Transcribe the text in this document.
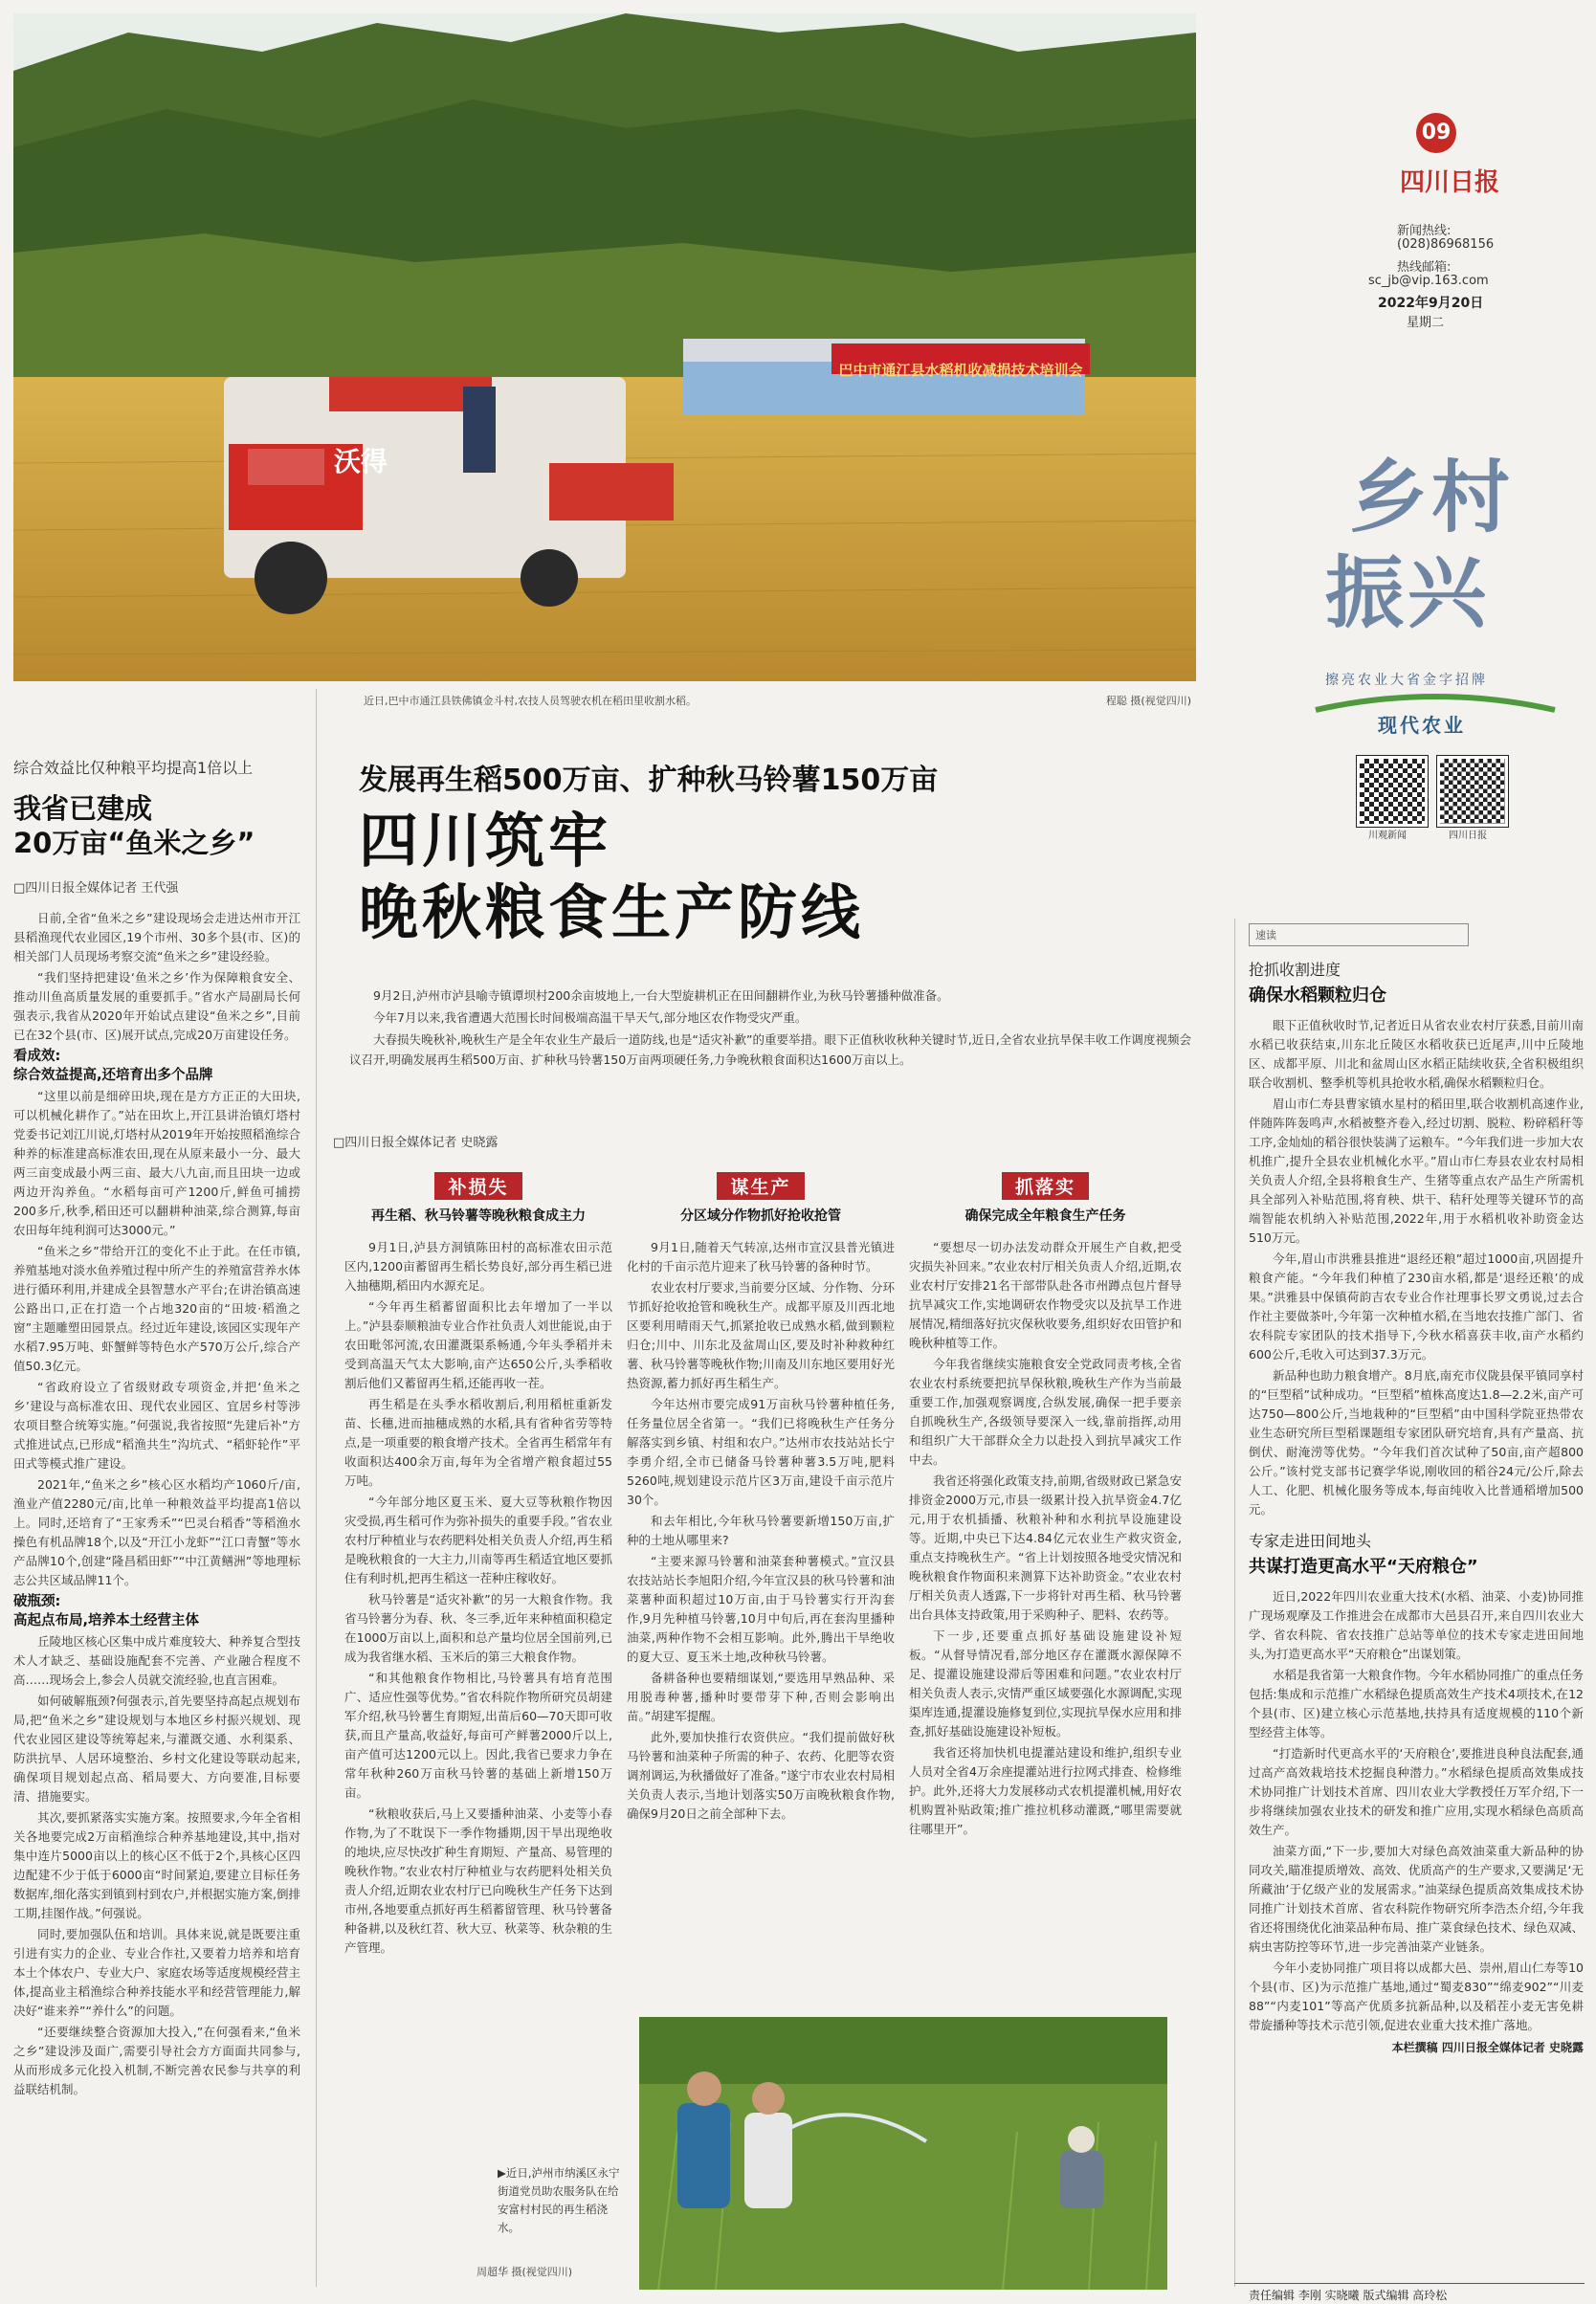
巴中市通江县水稻机收减损技术培训会
沃得
近日,巴中市通江县铁佛镇金斗村,农技人员驾驶农机在稻田里收割水稻。	程聪 摄(视觉四川)
09
四川日报
新闻热线:
(028)86968156
热线邮箱:
sc_jb@vip.163.com
2022年9月20日
星期二
乡村
振兴
擦亮农业大省金字招牌
现代农业
川观新闻	四川日报
综合效益比仅种粮平均提高1倍以上
我省已建成
20万亩“鱼米之乡”
□四川日报全媒体记者 王代强

日前,全省“鱼米之乡”建设现场会走进达州市开江县稻渔现代农业园区,19个市州、30多个县(市、区)的相关部门人员现场考察交流“鱼米之乡”建设经验。

“我们坚持把建设‘鱼米之乡’作为保障粮食安全、推动川鱼高质量发展的重要抓手。”省水产局副局长何强表示,我省从2020年开始试点建设“鱼米之乡”,目前已在32个县(市、区)展开试点,完成20万亩建设任务。

看成效:
综合效益提高,还培育出多个品牌

“这里以前是细碎田块,现在是方方正正的大田块,可以机械化耕作了。”站在田坎上,开江县讲治镇灯塔村党委书记刘江川说,灯塔村从2019年开始按照稻渔综合种养的标准建高标准农田,现在从原来最小一分、最大两三亩变成最小两三亩、最大八九亩,而且田块一边或两边开沟养鱼。“水稻每亩可产1200斤,鲜鱼可捕捞200多斤,秋季,稻田还可以翻耕种油菜,综合测算,每亩农田每年纯利润可达3000元。”

“鱼米之乡”带给开江的变化不止于此。在任市镇,养殖基地对淡水鱼养殖过程中所产生的养殖富营养水体进行循环利用,并建成全县智慧水产平台;在讲治镇高速公路出口,正在打造一个占地320亩的“田坡·稻渔之窗”主题雕塑田园景点。经过近年建设,该园区实现年产水稻7.95万吨、虾蟹鲜等特色水产570万公斤,综合产值50.3亿元。

“省政府设立了省级财政专项资金,并把‘鱼米之乡’建设与高标准农田、现代农业园区、宜居乡村等涉农项目整合统筹实施。”何强说,我省按照“先建后补”方式推进试点,已形成“稻渔共生”沟坑式、“稻虾轮作”平田式等模式推广建设。

2021年,“鱼米之乡”核心区水稻均产1060斤/亩,渔业产值2280元/亩,比单一种粮效益平均提高1倍以上。同时,还培育了“王家秀禾”“巴灵台稻香”等稻渔水操色有机品牌18个,以及“开江小龙虾”“江口青蟹”等水产品牌10个,创建“隆昌稻田虾”“中江黄鳝洲”等地理标志公共区域品牌11个。

破瓶颈:
高起点布局,培养本土经营主体

丘陵地区核心区集中成片难度较大、种养复合型技术人才缺乏、基础设施配套不完善、产业融合程度不高……现场会上,参会人员就交流经验,也直言困难。

如何破解瓶颈?何强表示,首先要坚持高起点规划布局,把“鱼米之乡”建设规划与本地区乡村振兴规划、现代农业园区建设等统筹起来,与灌溉交通、水利渠系、防洪抗旱、人居环境整治、乡村文化建设等联动起来,确保项目规划起点高、稻局要大、方向要准,目标要清、措施要实。

其次,要抓紧落实实施方案。按照要求,今年全省相关各地要完成2万亩稻渔综合种养基地建设,其中,指对集中连片5000亩以上的核心区不低于2个,具核心区四边配建不少于低于6000亩“时间紧迫,要建立目标任务数据库,细化落实到镇到村到农户,并根据实施方案,倒排工期,挂图作战。”何强说。

同时,要加强队伍和培训。具体来说,就是既要注重引进有实力的企业、专业合作社,又要着力培养和培育本土个体农户、专业大户、家庭农场等适度规模经营主体,提高业主稻渔综合种养技能水平和经营管理能力,解决好“谁来养”“养什么”的问题。

“还要继续整合资源加大投入,”在何强看来,“鱼米之乡”建设涉及面广,需要引导社会方方面面共同参与,从而形成多元化投入机制,不断完善农民参与共享的利益联结机制。

发展再生稻500万亩、扩种秋马铃薯150万亩
四川筑牢
晚秋粮食生产防线

9月2日,泸州市泸县喻寺镇谭坝村200余亩坡地上,一台大型旋耕机正在田间翻耕作业,为秋马铃薯播种做准备。

今年7月以来,我省遭遇大范围长时间极端高温干旱天气,部分地区农作物受灾严重。

大春损失晚秋补,晚秋生产是全年农业生产最后一道防线,也是“适灾补歉”的重要举措。眼下正值秋收秋种关键时节,近日,全省农业抗旱保丰收工作调度视频会议召开,明确发展再生稻500万亩、扩种秋马铃薯150万亩两项硬任务,力争晚秋粮食面积达1600万亩以上。

□四川日报全媒体记者 史晓露
补损失
再生稻、秋马铃薯等晚秋粮食成主力

9月1日,泸县方洞镇陈田村的高标准农田示范区内,1200亩蓄留再生稻长势良好,部分再生稻已进入抽穗期,稻田内水源充足。

“今年再生稻蓄留面积比去年增加了一半以上。”泸县泰顺粮油专业合作社负责人刘世能说,由于农田毗邻河流,农田灌溉渠系畅通,今年头季稻并未受到高温天气太大影响,亩产达650公斤,头季稻收割后他们又蓄留再生稻,还能再收一茬。

再生稻是在头季水稻收割后,利用稻桩重新发苗、长穗,进而抽穗成熟的水稻,具有省种省劳等特点,是一项重要的粮食增产技术。全省再生稻常年有收面积达400余万亩,每年为全省增产粮食超过55万吨。

“今年部分地区夏玉米、夏大豆等秋粮作物因灾受损,再生稻可作为弥补损失的重要手段。”省农业农村厅种植业与农药肥料处相关负责人介绍,再生稻是晚秋粮食的一大主力,川南等再生稻适宜地区要抓住有利时机,把再生稻这一茬种庄稼收好。

秋马铃薯是“适灾补歉”的另一大粮食作物。我省马铃薯分为春、秋、冬三季,近年来种植面积稳定在1000万亩以上,面积和总产量均位居全国前列,已成为我省继水稻、玉米后的第三大粮食作物。

“和其他粮食作物相比,马铃薯具有培育范围广、适应性强等优势。”省农科院作物所研究员胡建军介绍,秋马铃薯生育期短,出苗后60—70天即可收获,而且产量高,收益好,每亩可产鲜薯2000斤以上,亩产值可达1200元以上。因此,我省已要求力争在常年秋种260万亩秋马铃薯的基础上新增150万亩。

“秋粮收获后,马上又要播种油菜、小麦等小春作物,为了不耽误下一季作物播期,因干旱出现绝收的地块,应尽快改扩种生育期短、产量高、易管理的晚秋作物。”农业农村厅种植业与农药肥料处相关负责人介绍,近期农业农村厅已向晚秋生产任务下达到市州,各地要重点抓好再生稻蓄留管理、秋马铃薯备种备耕,以及秋红苕、秋大豆、秋菜等、秋杂粮的生产管理。

谋生产
分区域分作物抓好抢收抢管

9月1日,随着天气转凉,达州市宣汉县普光镇进化村的千亩示范片迎来了秋马铃薯的备种时节。

农业农村厅要求,当前要分区域、分作物、分环节抓好抢收抢管和晚秋生产。成都平原及川西北地区要利用晴雨天气,抓紧抢收已成熟水稻,做到颗粒归仓;川中、川东北及盆周山区,要及时补种救种红薯、秋马铃薯等晚秋作物;川南及川东地区要用好光热资源,蓄力抓好再生稻生产。

今年达州市要完成91万亩秋马铃薯种植任务,任务量位居全省第一。“我们已将晚秋生产任务分解落实到乡镇、村组和农户。”达州市农技站站长宁李勇介绍,全市已储备马铃薯种薯3.5万吨,肥料5260吨,规划建设示范片区3万亩,建设千亩示范片30个。

和去年相比,今年秋马铃薯要新增150万亩,扩种的土地从哪里来?

“主要来源马铃薯和油菜套种薯模式。”宣汉县农技站站长李旭阳介绍,今年宣汉县的秋马铃薯和油菜薯种面积超过10万亩,由于马铃薯实行开沟套作,9月先种植马铃薯,10月中旬后,再在套沟里播种油菜,两种作物不会相互影响。此外,腾出干旱绝收的夏大豆、夏玉米土地,改种秋马铃薯。

备耕备种也要精细谋划,“要选用早熟品种、采用脱毒种薯,播种时要带芽下种,否则会影响出苗。”胡建军提醒。

此外,要加快推行农资供应。“我们提前做好秋马铃薯和油菜种子所需的种子、农药、化肥等农资调剂调运,为秋播做好了准备。”遂宁市农业农村局相关负责人表示,当地计划落实50万亩晚秋粮食作物,确保9月20日之前全部种下去。

抓落实
确保完成全年粮食生产任务

“要想尽一切办法发动群众开展生产自救,把受灾损失补回来。”农业农村厅相关负责人介绍,近期,农业农村厅安排21名干部带队赴各市州蹲点包片督导抗旱减灾工作,实地调研农作物受灾以及抗旱工作进展情况,精细落好抗灾保秋收要务,组织好农田管护和晚秋种植等工作。

今年我省继续实施粮食安全党政同责考核,全省农业农村系统要把抗旱保秋粮,晚秋生产作为当前最重要工作,加强观察调度,合纵发展,确保一把手要亲自抓晚秋生产,各级领导要深入一线,靠前指挥,动用和组织广大干部群众全力以赴投入到抗旱减灾工作中去。

我省还将强化政策支持,前期,省级财政已紧急安排资金2000万元,市县一级累计投入抗旱资金4.7亿元,用于农机插播、秋粮补种和水利抗旱设施建设等。近期,中央已下达4.84亿元农业生产救灾资金,重点支持晚秋生产。“省上计划按照各地受灾情况和晚秋粮食作物面积来测算下达补助资金。”农业农村厅相关负责人透露,下一步将针对再生稻、秋马铃薯出台具体支持政策,用于采购种子、肥料、农药等。

下一步,还要重点抓好基础设施建设补短板。“从督导情况看,部分地区存在灌溉水源保障不足、提灌设施建设滞后等困难和问题。”农业农村厅相关负责人表示,灾情严重区域要强化水源调配,实现渠库连通,提灌设施修复到位,实现抗旱保水应用和排查,抓好基础设施建设补短板。

我省还将加快机电提灌站建设和维护,组织专业人员对全省4万余座提灌站进行拉网式排查、检修维护。此外,还将大力发展移动式农机提灌机械,用好农机购置补贴政策;推广推拉机移动灌溉,“哪里需要就往哪里开”。

▶近日,泸州市纳溪区永宁街道党员助农服务队在给安富村村民的再生稻浇水。
周超华 摄(视觉四川)
速读
抢抓收割进度
确保水稻颗粒归仓

眼下正值秋收时节,记者近日从省农业农村厅获悉,目前川南水稻已收获结束,川东北丘陵区水稻收获已近尾声,川中丘陵地区、成都平原、川北和盆周山区水稻正陆续收获,全省积极组织联合收割机、整季机等机具抢收水稻,确保水稻颗粒归仓。

眉山市仁寿县曹家镇水星村的稻田里,联合收割机高速作业,伴随阵阵轰鸣声,水稻被整齐卷入,经过切割、脱粒、粉碎稻秆等工序,金灿灿的稻谷很快装满了运粮车。“今年我们进一步加大农机推广,提升全县农业机械化水平。”眉山市仁寿县农业农村局相关负责人介绍,全县将粮食生产、生猪等重点农产品生产所需机具全部列入补贴范围,将育秧、烘干、秸秆处理等关键环节的高端智能农机纳入补贴范围,2022年,用于水稻机收补助资金达510万元。

今年,眉山市洪雅县推进“退经还粮”超过1000亩,巩固提升粮食产能。“今年我们种植了230亩水稻,都是‘退经还粮’的成果。”洪雅县中保镇荷韵吉农专业合作社理事长罗文勇说,过去合作社主要做茶叶,今年第一次种植水稻,在当地农技推广部门、省农科院专家团队的技术指导下,今秋水稻喜获丰收,亩产水稻约600公斤,毛收入可达到37.3万元。

新品种也助力粮食增产。8月底,南充市仪陇县保平镇同享村的“巨型稻”试种成功。“巨型稻”植株高度达1.8—2.2米,亩产可达750—800公斤,当地栽种的“巨型稻”由中国科学院亚热带农业生态研究所巨型稻课题组专家团队研究培育,具有产量高、抗倒伏、耐淹涝等优势。“今年我们首次试种了50亩,亩产超800公斤。”该村党支部书记赛学华说,刚收回的稻谷24元/公斤,除去人工、化肥、机械化服务等成本,每亩纯收入比普通稻增加500元。

专家走进田间地头
共谋打造更高水平“天府粮仓”

近日,2022年四川农业重大技术(水稻、油菜、小麦)协同推广现场观摩及工作推进会在成都市大邑县召开,来自四川农业大学、省农科院、省农技推广总站等单位的技术专家走进田间地头,为打造更高水平“天府粮仓”出谋划策。

水稻是我省第一大粮食作物。今年水稻协同推广的重点任务包括:集成和示范推广水稻绿色提质高效生产技术4项技术,在12个县(市、区)建立核心示范基地,扶持具有适度规模的110个新型经营主体等。

“打造新时代更高水平的‘天府粮仓’,要推进良种良法配套,通过高产高效栽培技术挖掘良种潜力。”水稻绿色提质高效集成技术协同推广计划技术首席、四川农业大学教授任万军介绍,下一步将继续加强农业技术的研发和推广应用,实现水稻绿色高质高效生产。

油菜方面,“下一步,要加大对绿色高效油菜重大新品种的协同攻关,瞄准提质增效、高效、优质高产的生产要求,又要满足‘无所藏油’于亿级产业的发展需求。”油菜绿色提质高效集成技术协同推广计划技术首席、省农科院作物研究所李浩杰介绍,今年我省还将围绕优化油菜品种布局、推广菜食绿色技术、绿色双减、病虫害防控等环节,进一步完善油菜产业链条。

今年小麦协同推广项目将以成都大邑、崇州,眉山仁寿等10个县(市、区)为示范推广基地,通过“蜀麦830”“绵麦902”“川麦88”“内麦101”等高产优质多抗新品种,以及稻茬小麦无害免耕带旋播种等技术示范引领,促进农业重大技术推广落地。

本栏撰稿 四川日报全媒体记者 史晓露
责任编辑 李刚 实晓曦 版式编辑 高玲松
